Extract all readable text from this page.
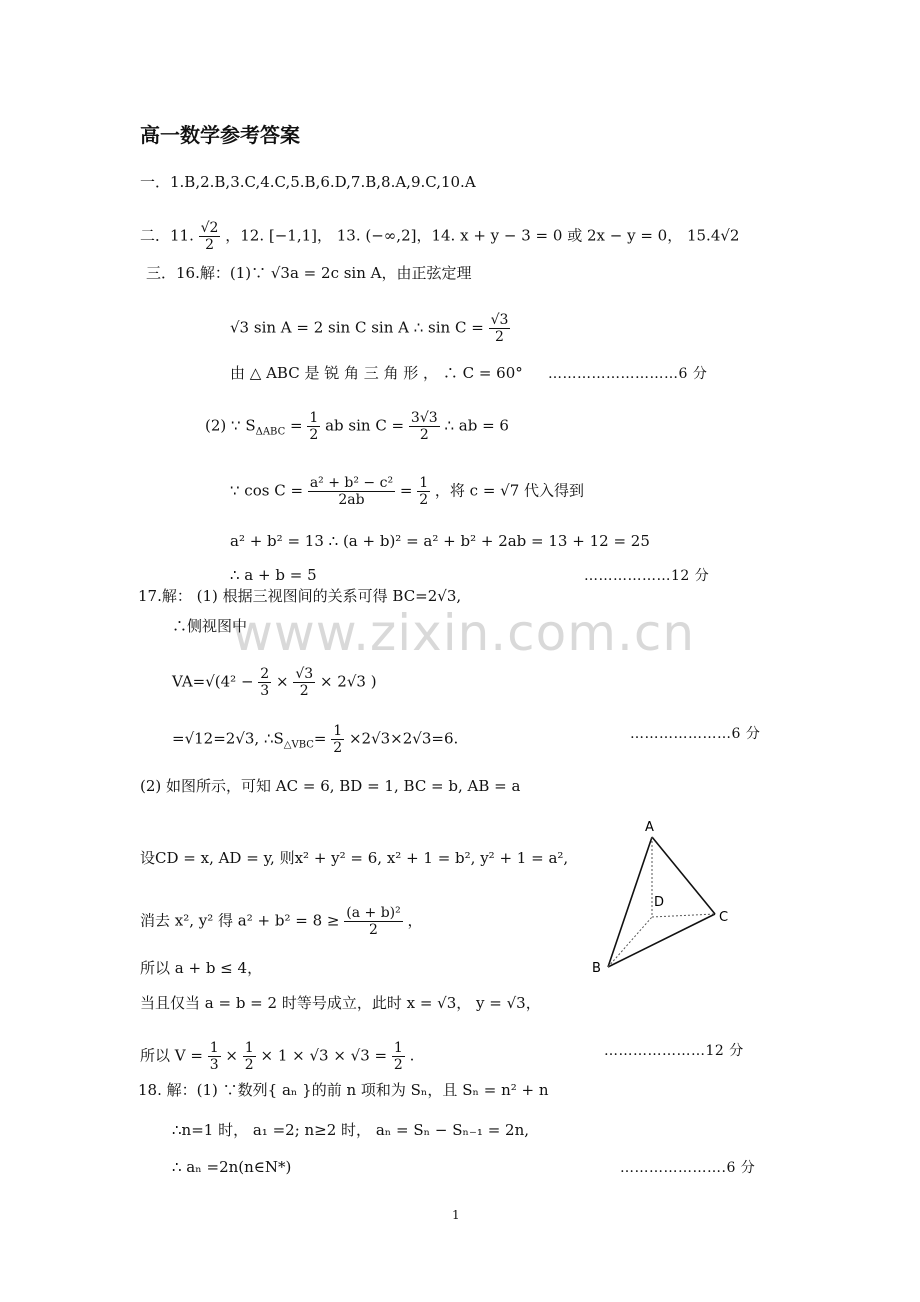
www.zixin.com.cn
高一数学参考答案
一．1.B,2.B,3.C,4.C,5.B,6.D,7.B,8.A,9.C,10.A
二．11. $\frac{√2}{2}$ ，12. [−1,1]， 13. (−∞,2]，14. x + y − 3 = 0 或 2x − y = 0， 15.4√2
三．16.解：(1)∵ √3a = 2c sin A，由正弦定理
√3 sin A = 2 sin C sin A ∴ $\sin C = \frac{√3}{2}$
由 △ ABC 是 锐 角 三 角 形 ， ∴ C = 60° ………………………6 分
(2) ∵ $S_{\Delta ABC} = \frac{1}{2}$ ab $\sin C = \frac{3√3}{2}$ ∴ ab = 6
∵ $\cos C = \frac{\text{a² + b² − c²}}{2ab} = \frac{1}{2}$ ，将 c = √7 代入得到
a² + b² = 13 ∴ (a + b)² = a² + b² + 2ab = 13 + 12 = 25
∴ a + b = 5	………………12 分
17.解： (1) 根据三视图间的关系可得 BC=2√3,
∴侧视图中
$VA=√(4^2 - \frac{2}{3} \times \frac{√3}{2} \times 2√3$ )
=√12=2√3, $\therefore S_{\triangle VBC}= \frac{1}{2} \times 2√3\times 2√3=6$.	…………………6 分
(2) 如图所示，可知 AC = 6, BD = 1, BC = b, AB = a
设CD = x, AD = y, 则x² + y² = 6, x² + 1 = b², y² + 1 = a²,
消去 x², y² 得 $a^2 + b^2 = 8 \ge \frac{\text{(a + b)²}}{2}$ ，
所以 a + b ≤ 4，
当且仅当 a = b = 2 时等号成立，此时 x = √3， y = √3，
所以 $V = \frac{1}{3} \times \frac{1}{2} \times 1 \times √3 \times √3 = \frac{1}{2}$ .	…………………12 分
A
B
C
D
18. 解：(1) ∵数列{ aₙ }的前 n 项和为 Sₙ，且 Sₙ = n² + n
∴n=1 时， a₁ =2; n≥2 时， aₙ = Sₙ − Sₙ₋₁ = 2n,
∴ aₙ =2n(n∈N*)	………………….6 分
1
